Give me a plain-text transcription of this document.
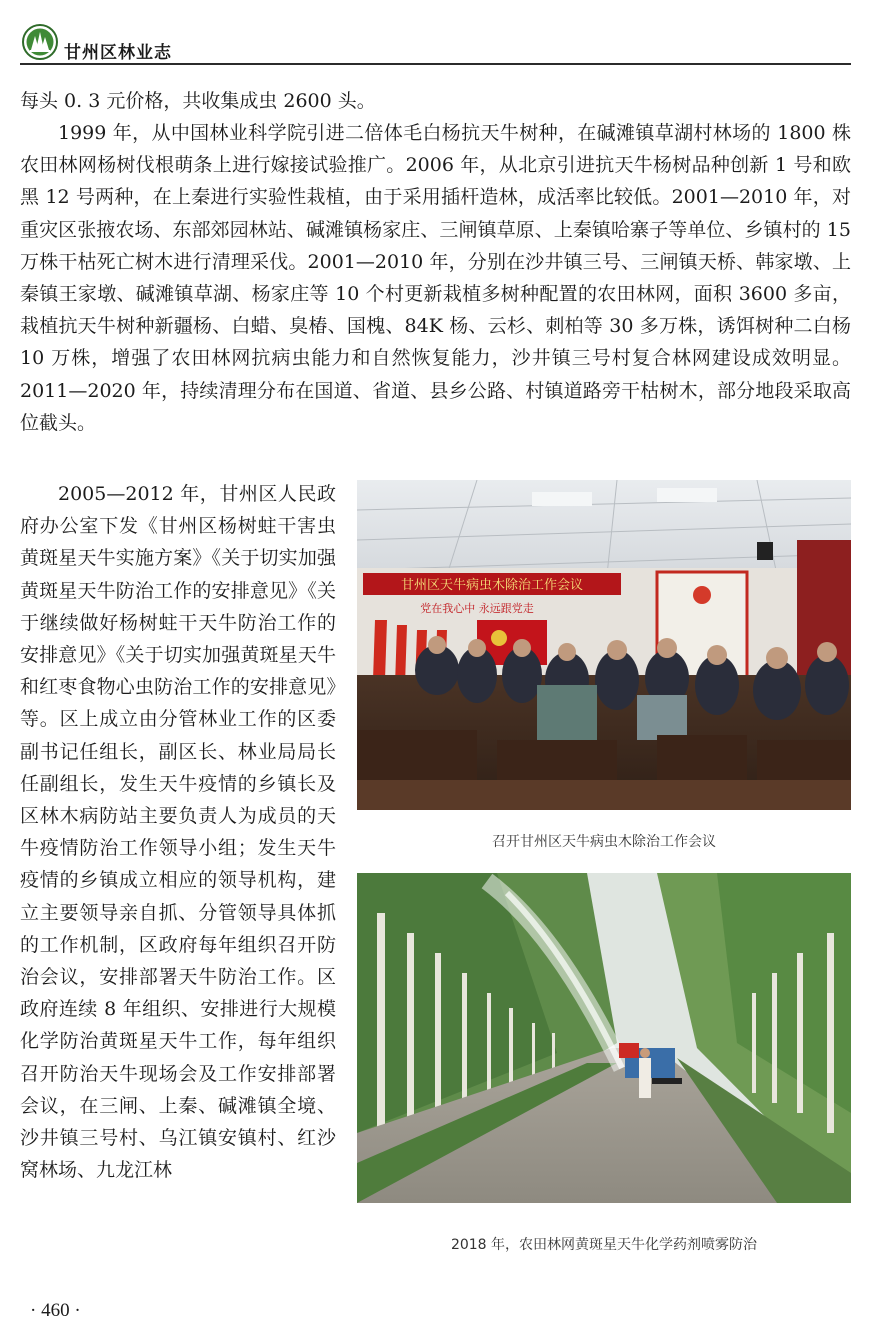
甘州区林业志

每头 0. 3 元价格，共收集成虫 2600 头。

1999 年，从中国林业科学院引进二倍体毛白杨抗天牛树种，在碱滩镇草湖村林场的 1800 株农田林网杨树伐根萌条上进行嫁接试验推广。2006 年，从北京引进抗天牛杨树品种创新 1 号和欧黑 12 号两种，在上秦进行实验性栽植，由于采用插杆造林，成活率比较低。2001—2010 年，对重灾区张掖农场、东部郊园林站、碱滩镇杨家庄、三闸镇草原、上秦镇哈寨子等单位、乡镇村的 15 万株干枯死亡树木进行清理采伐。2001—2010 年，分别在沙井镇三号、三闸镇天桥、韩家墩、上秦镇王家墩、碱滩镇草湖、杨家庄等 10 个村更新栽植多树种配置的农田林网，面积 3600 多亩，栽植抗天牛树种新疆杨、白蜡、臭椿、国槐、84K 杨、云杉、刺柏等 30 多万株，诱饵树种二白杨 10 万株，增强了农田林网抗病虫能力和自然恢复能力，沙井镇三号村复合林网建设成效明显。2011—2020 年，持续清理分布在国道、省道、县乡公路、村镇道路旁干枯树木，部分地段采取高位截头。

2005—2012 年，甘州区人民政府办公室下发《甘州区杨树蛀干害虫黄斑星天牛实施方案》《关于切实加强黄斑星天牛防治工作的安排意见》《关于继续做好杨树蛀干天牛防治工作的安排意见》《关于切实加强黄斑星天牛和红枣食物心虫防治工作的安排意见》等。区上成立由分管林业工作的区委副书记任组长，副区长、林业局局长任副组长，发生天牛疫情的乡镇长及区林木病防站主要负责人为成员的天牛疫情防治工作领导小组；发生天牛疫情的乡镇成立相应的领导机构，建立主要领导亲自抓、分管领导具体抓的工作机制，区政府每年组织召开防治会议，安排部署天牛防治工作。区政府连续 8 年组织、安排进行大规模化学防治黄斑星天牛工作，每年组织召开防治天牛现场会及工作安排部署会议，在三闸、上秦、碱滩镇全境、沙井镇三号村、乌江镇安镇村、红沙窝林场、九龙江林

甘州区天牛病虫木除治工作会议
党在我心中 永远跟党走
召开甘州区天牛病虫木除治工作会议
2018 年，农田林网黄斑星天牛化学药剂喷雾防治
· 460 ·
